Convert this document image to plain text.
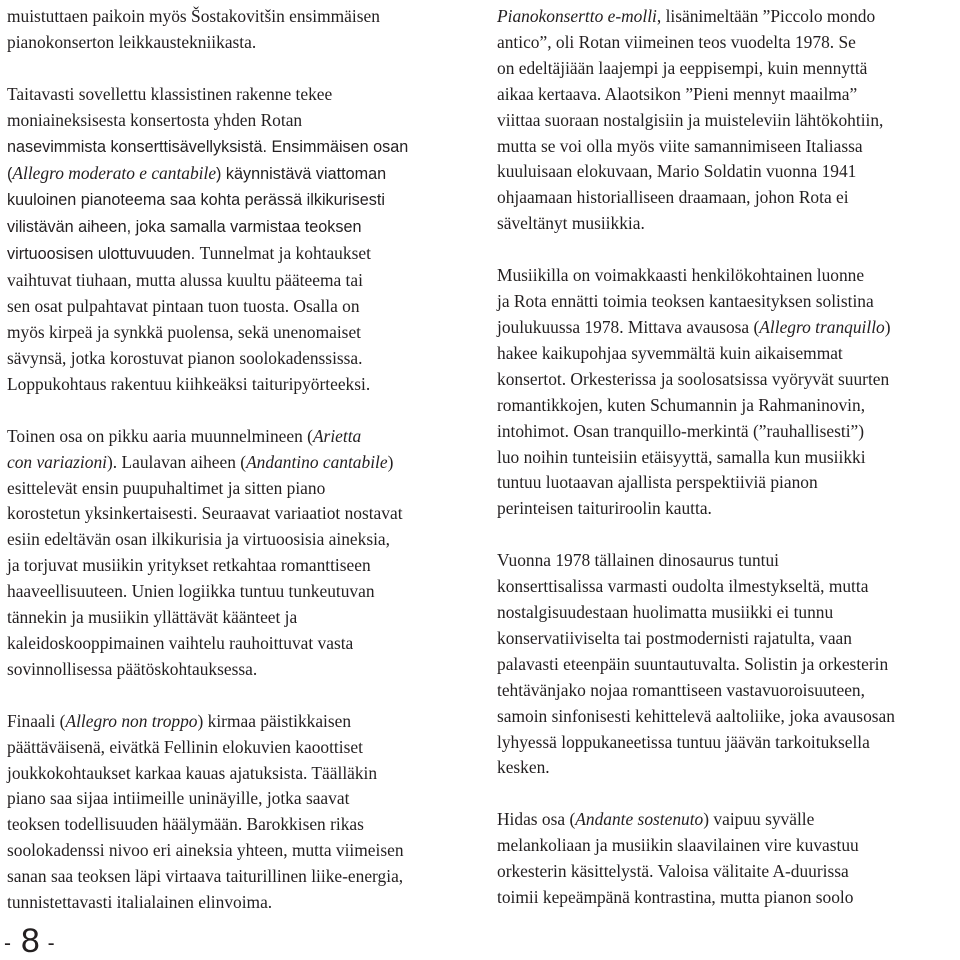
muistuttaen paikoin myös Šostakovitšin ensimmäisen
pianokonserton leikkaustekniikasta.

Taitavasti sovellettu klassistinen rakenne tekee
moniaineksisesta konsertosta yhden Rotan
nasevimmista konserttisävellyksistä. Ensimmäisen osan
(Allegro moderato e cantabile) käynnistävä viattoman
kuuloinen pianoteema saa kohta perässä ilkikurisesti
vilistävän aiheen, joka samalla varmistaa teoksen
virtuoosisen ulottuvuuden. Tunnelmat ja kohtaukset
vaihtuvat tiuhaan, mutta alussa kuultu pääteema tai
sen osat pulpahtavat pintaan tuon tuosta. Osalla on
myös kirpeä ja synkkä puolensa, sekä unenomaiset
sävynsä, jotka korostuvat pianon soolokadenssissa.
Loppukohtaus rakentuu kiihkeäksi taituripyörteeksi.

Toinen osa on pikku aaria muunnelmineen (Arietta
con variazioni). Laulavan aiheen (Andantino cantabile)
esittelevät ensin puupuhaltimet ja sitten piano
korostetun yksinkertaisesti. Seuraavat variaatiot nostavat
esiin edeltävän osan ilkikurisia ja virtuoosisia aineksia,
ja torjuvat musiikin yritykset retkahtaa romanttiseen
haaveellisuuteen. Unien logiikka tuntuu tunkeutuvan
tännekin ja musiikin yllättävät käänteet ja
kaleidoskooppimainen vaihtelu rauhoittuvat vasta
sovinnollisessa päätöskohtauksessa.

Finaali (Allegro non troppo) kirmaa päistikkaisen
päättäväisenä, eivätkä Fellinin elokuvien kaoottiset
joukkokohtaukset karkaa kauas ajatuksista. Täälläkin
piano saa sijaa intiimeille uninäyille, jotka saavat
teoksen todellisuuden häälymään. Barokkisen rikas
soolokadenssi nivoo eri aineksia yhteen, mutta viimeisen
sanan saa teoksen läpi virtaava taiturillinen liike-energia,
tunnistettavasti italialainen elinvoima.

Pianokonsertto e-molli, lisänimeltään ”Piccolo mondo
antico”, oli Rotan viimeinen teos vuodelta 1978. Se
on edeltäjiään laajempi ja eeppisempi, kuin mennyttä
aikaa kertaava. Alaotsikon ”Pieni mennyt maailma”
viittaa suoraan nostalgisiin ja muisteleviin lähtökohtiin,
mutta se voi olla myös viite samannimiseen Italiassa
kuuluisaan elokuvaan, Mario Soldatin vuonna 1941
ohjaamaan historialliseen draamaan, johon Rota ei
säveltänyt musiikkia.

Musiikilla on voimakkaasti henkilökohtainen luonne
ja Rota ennätti toimia teoksen kantaesityksen solistina
joulukuussa 1978. Mittava avausosa (Allegro tranquillo)
hakee kaikupohjaa syvemmältä kuin aikaisemmat
konsertot. Orkesterissa ja soolosatsissa vyöryvät suurten
romantikkojen, kuten Schumannin ja Rahmaninovin,
intohimot. Osan tranquillo-merkintä (”rauhallisesti”)
luo noihin tunteisiin etäisyyttä, samalla kun musiikki
tuntuu luotaavan ajallista perspektiiviä pianon
perinteisen taituriroolin kautta.

Vuonna 1978 tällainen dinosaurus tuntui
konserttisalissa varmasti oudolta ilmestykseltä, mutta
nostalgisuudestaan huolimatta musiikki ei tunnu
konservatiiviselta tai postmodernisti rajatulta, vaan
palavasti eteenpäin suuntautuvalta. Solistin ja orkesterin
tehtävänjako nojaa romanttiseen vastavuoroisuuteen,
samoin sinfonisesti kehittelevä aaltoliike, joka avausosan
lyhyessä loppukaneetissa tuntuu jäävän tarkoituksella
kesken.

Hidas osa (Andante sostenuto) vaipuu syvälle
melankoliaan ja musiikin slaavilainen vire kuvastuu
orkesterin käsittelystä. Valoisa välitaite A-duurissa
toimii kepeämpänä kontrastina, mutta pianon soolo

- 8 -
